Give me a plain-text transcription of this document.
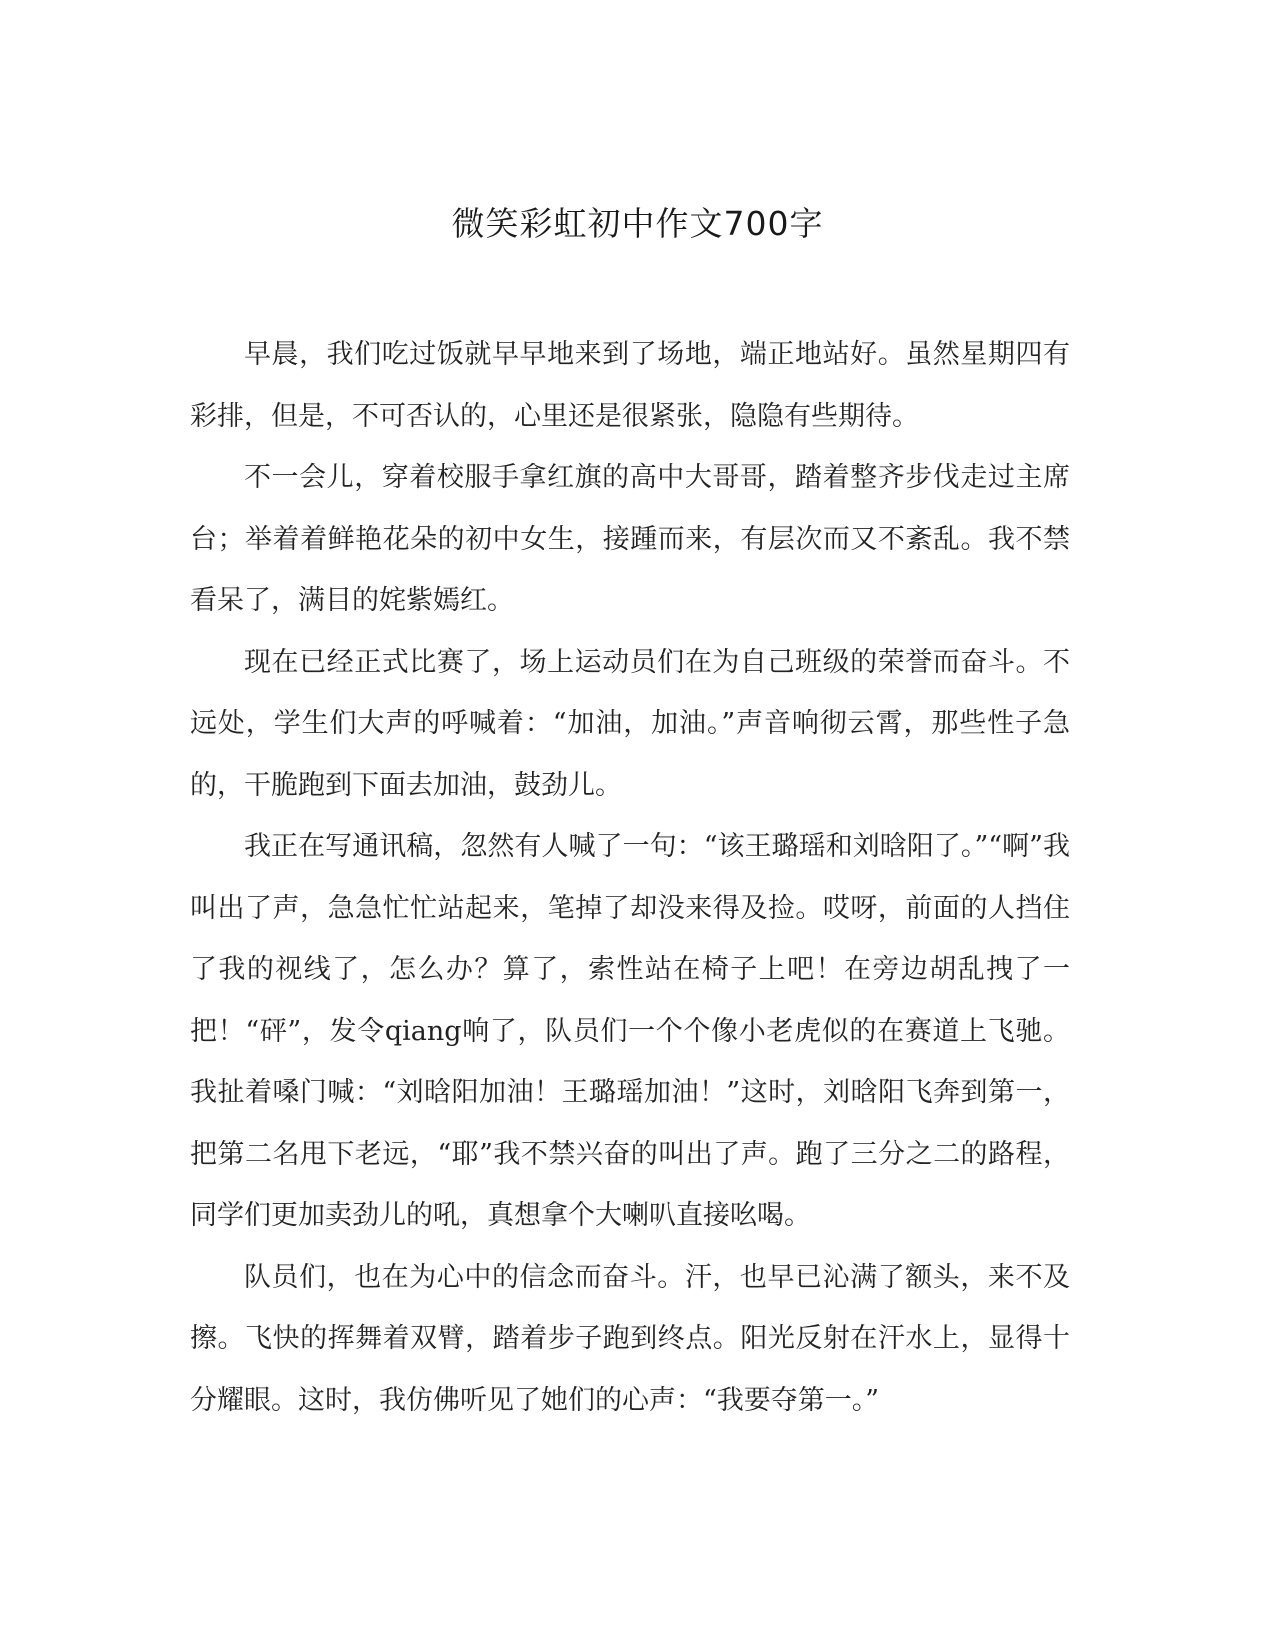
微笑彩虹初中作文700字

早晨，我们吃过饭就早早地来到了场地，端正地站好。虽然星期四有彩排，但是，不可否认的，心里还是很紧张，隐隐有些期待。

不一会儿，穿着校服手拿红旗的高中大哥哥，踏着整齐步伐走过主席台；举着着鲜艳花朵的初中女生，接踵而来，有层次而又不紊乱。我不禁看呆了，满目的姹紫嫣红。

现在已经正式比赛了，场上运动员们在为自己班级的荣誉而奋斗。不远处，学生们大声的呼喊着：“加油，加油。”声音响彻云霄，那些性子急的，干脆跑到下面去加油，鼓劲儿。

我正在写通讯稿，忽然有人喊了一句：“该王璐瑶和刘晗阳了。”“啊”我叫出了声，急急忙忙站起来，笔掉了却没来得及捡。哎呀，前面的人挡住了我的视线了，怎么办？算了，索性站在椅子上吧！在旁边胡乱拽了一把！“砰”，发令qiang响了，队员们一个个像小老虎似的在赛道上飞驰。我扯着嗓门喊：“刘晗阳加油！王璐瑶加油！”这时，刘晗阳飞奔到第一，把第二名甩下老远，“耶”我不禁兴奋的叫出了声。跑了三分之二的路程，同学们更加卖劲儿的吼，真想拿个大喇叭直接吆喝。

队员们，也在为心中的信念而奋斗。汗，也早已沁满了额头，来不及擦。飞快的挥舞着双臂，踏着步子跑到终点。阳光反射在汗水上，显得十分耀眼。这时，我仿佛听见了她们的心声：“我要夺第一。”
